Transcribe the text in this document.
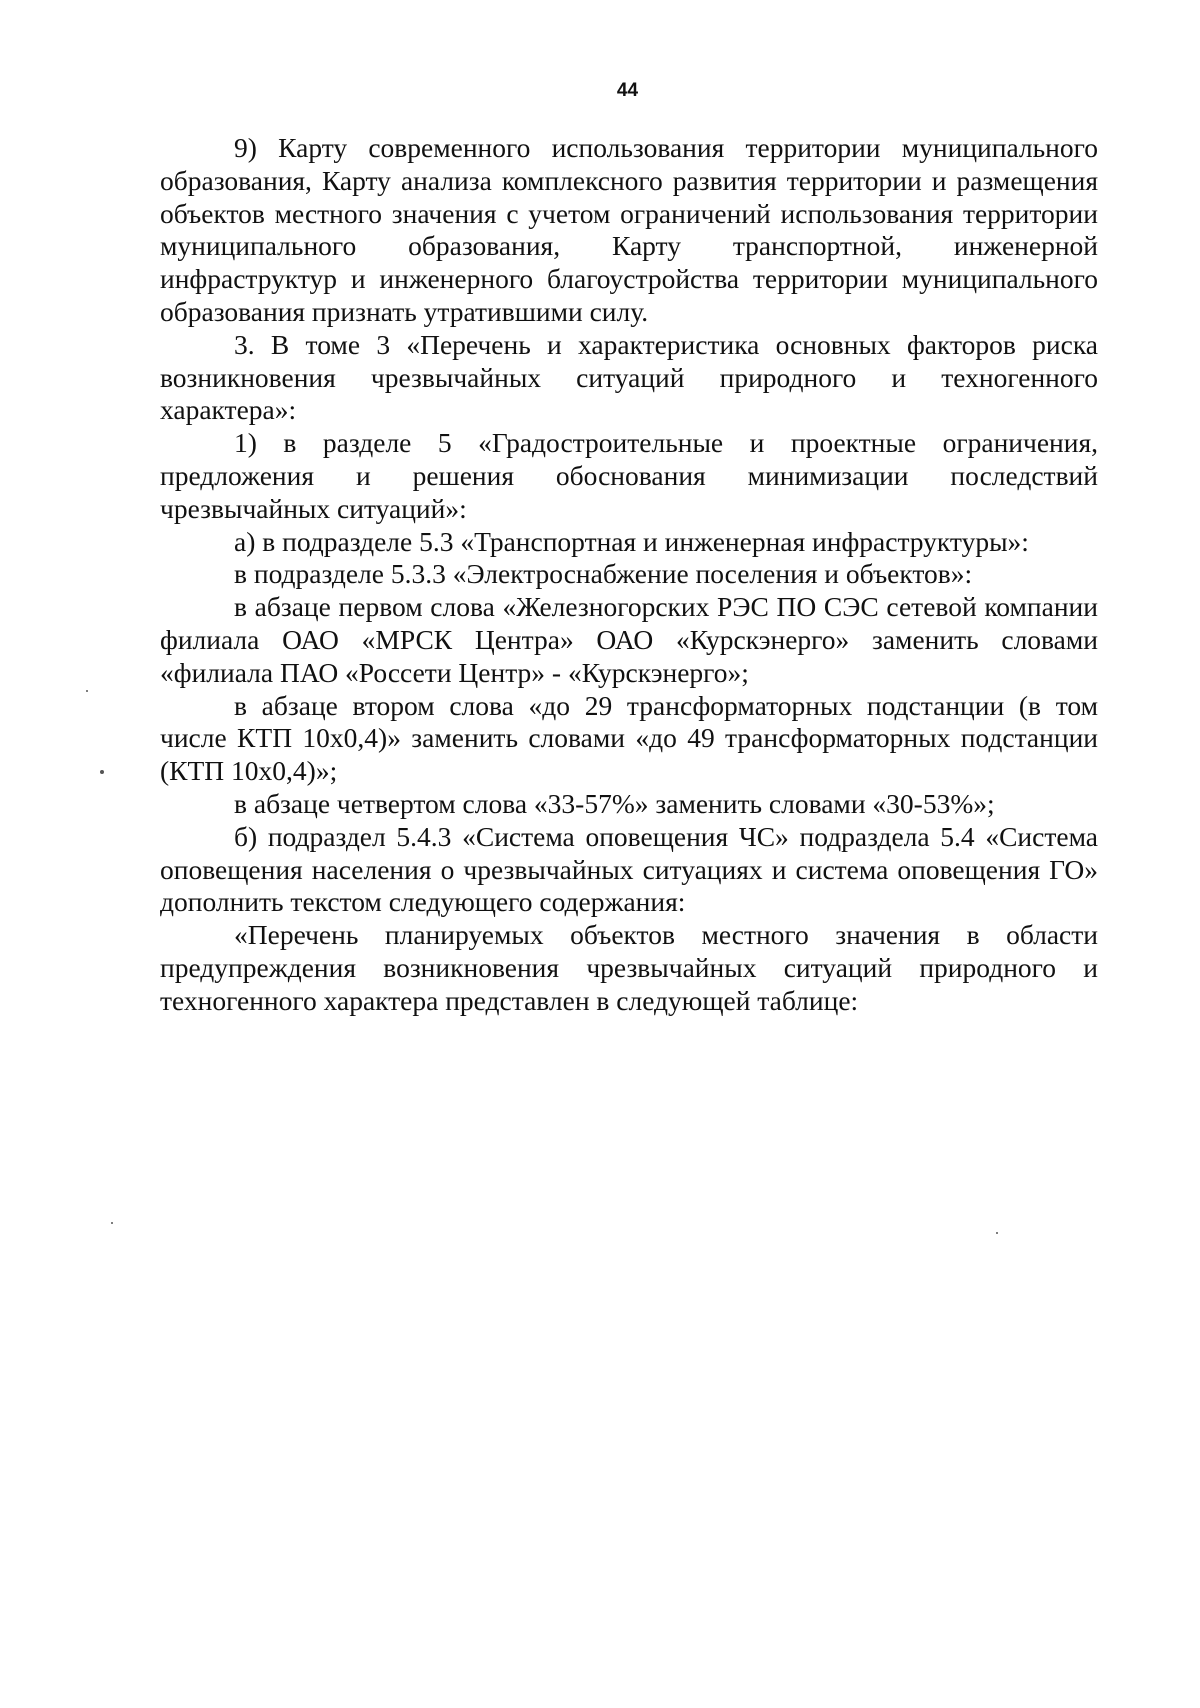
44

9) Карту современного использования территории муниципального образования, Карту анализа комплексного развития территории и размещения объектов местного значения с учетом ограничений использования территории муниципального образования, Карту транспортной, инженерной инфраструктур и инженерного благоустройства территории муниципального образования признать утратившими силу.

3. В томе 3 «Перечень и характеристика основных факторов риска возникновения чрезвычайных ситуаций природного и техногенного характера»:

1) в разделе 5 «Градостроительные и проектные ограничения, предложения и решения обоснования минимизации последствий чрезвычайных ситуаций»:

а) в подразделе 5.3 «Транспортная и инженерная инфраструктуры»:

в подразделе 5.3.3 «Электроснабжение поселения и объектов»:

в абзаце первом слова «Железногорских РЭС ПО СЭС сетевой компании филиала ОАО «МРСК Центра» ОАО «Курскэнерго» заменить словами «филиала ПАО «Россети Центр» - «Курскэнерго»;

в абзаце втором слова «до 29 трансформаторных подстанции (в том числе КТП 10х0,4)» заменить словами «до 49 трансформаторных подстанции (КТП 10х0,4)»;

в абзаце четвертом слова «33-57%» заменить словами «30-53%»;

б) подраздел 5.4.3 «Система оповещения ЧС» подраздела 5.4 «Система оповещения населения о чрезвычайных ситуациях и система оповещения ГО» дополнить текстом следующего содержания:

«Перечень планируемых объектов местного значения в области предупреждения возникновения чрезвычайных ситуаций природного и техногенного характера представлен в следующей таблице:
